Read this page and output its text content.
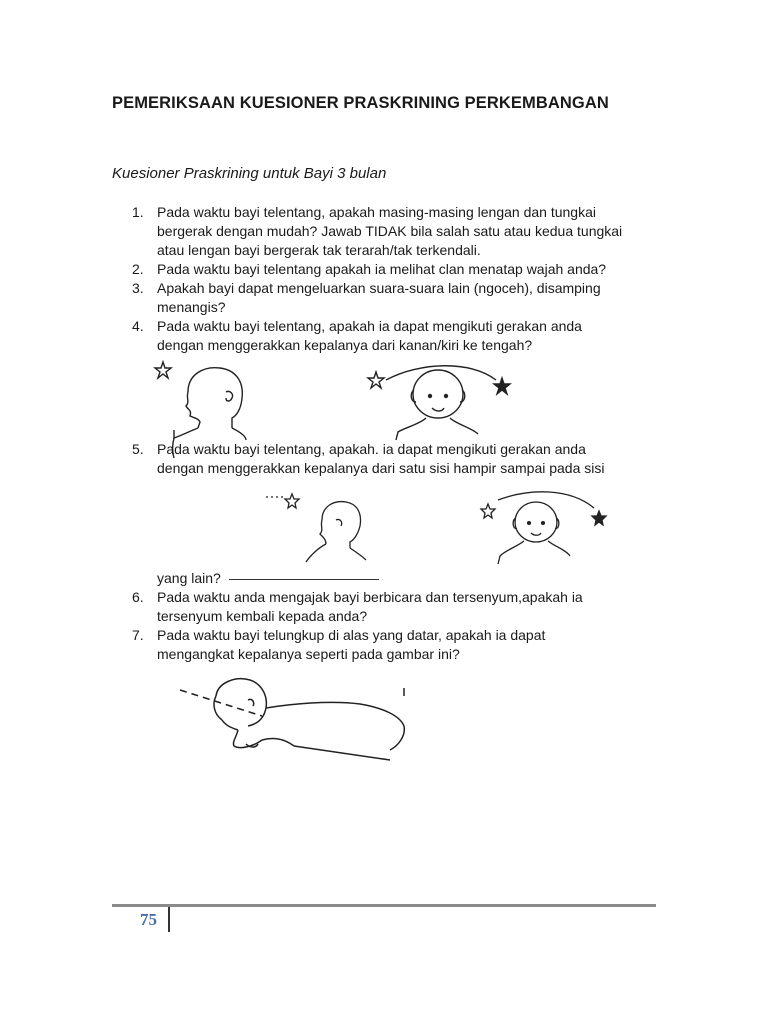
PEMERIKSAAN KUESIONER PRASKRINING PERKEMBANGAN
Kuesioner Praskrining untuk Bayi 3 bulan
1. Pada waktu bayi telentang, apakah masing-masing lengan dan tungkai
bergerak dengan mudah? Jawab TIDAK bila salah satu atau kedua tungkai
atau lengan bayi bergerak tak terarah/tak terkendali.
2. Pada waktu bayi telentang apakah ia melihat clan menatap wajah anda?
3. Apakah bayi dapat mengeluarkan suara-suara lain (ngoceh), disamping
menangis?
4. Pada waktu bayi telentang, apakah ia dapat mengikuti gerakan anda
dengan menggerakkan kepalanya dari kanan/kiri ke tengah?
5. Pada waktu bayi telentang, apakah. ia dapat mengikuti gerakan anda
dengan menggerakkan kepalanya dari satu sisi hampir sampai pada sisi
yang lain?
6. Pada waktu anda mengajak bayi berbicara dan tersenyum,apakah ia
tersenyum kembali kepada anda?
7. Pada waktu bayi telungkup di alas yang datar, apakah ia dapat
mengangkat kepalanya seperti pada gambar ini?
75
